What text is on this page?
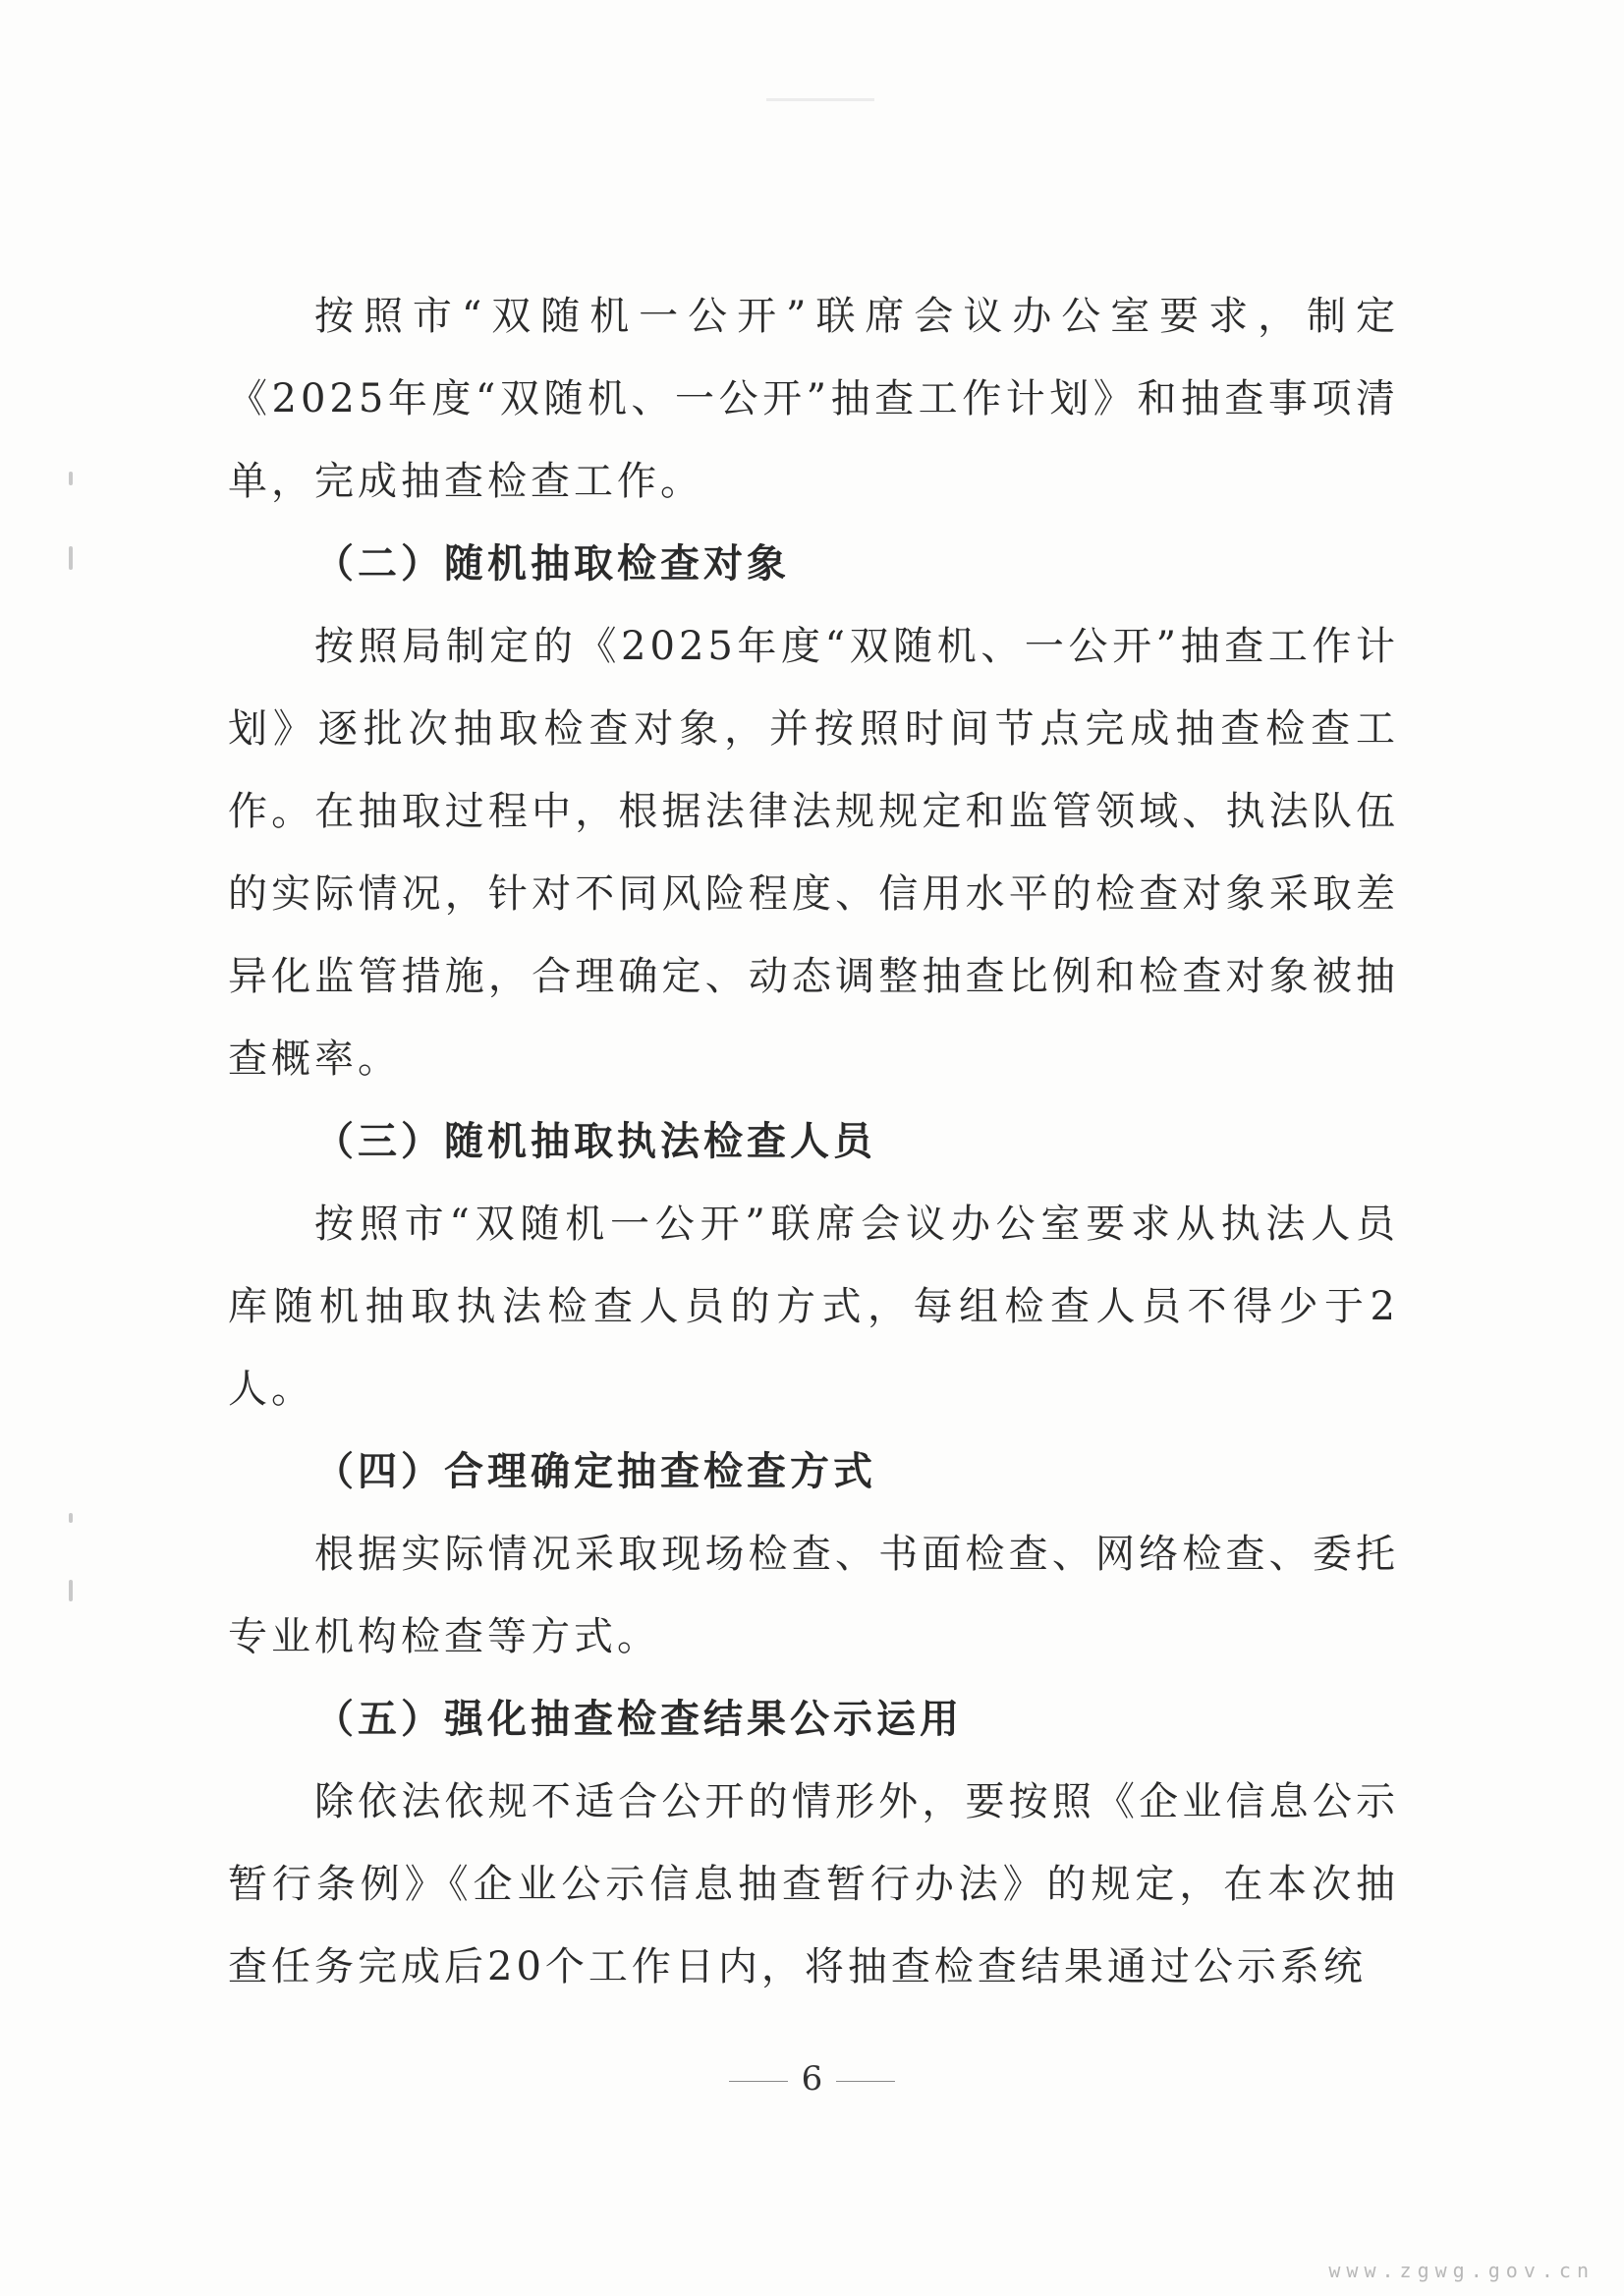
按照市“双随机一公开”联席会议办公室要求，制定《2025年度“双随机、一公开”抽查工作计划》和抽查事项清单，完成抽查检查工作。

（二）随机抽取检查对象

按照局制定的《2025年度“双随机、一公开”抽查工作计划》逐批次抽取检查对象，并按照时间节点完成抽查检查工作。在抽取过程中，根据法律法规规定和监管领域、执法队伍的实际情况，针对不同风险程度、信用水平的检查对象采取差异化监管措施，合理确定、动态调整抽查比例和检查对象被抽查概率。

（三）随机抽取执法检查人员

按照市“双随机一公开”联席会议办公室要求从执法人员库随机抽取执法检查人员的方式，每组检查人员不得少于2人。

（四）合理确定抽查检查方式

根据实际情况采取现场检查、书面检查、网络检查、委托专业机构检查等方式。

（五）强化抽查检查结果公示运用

除依法依规不适合公开的情形外，要按照《企业信息公示暂行条例》《企业公示信息抽查暂行办法》的规定，在本次抽查任务完成后20个工作日内，将抽查检查结果通过公示系统

6
www.zgwg.gov.cn
